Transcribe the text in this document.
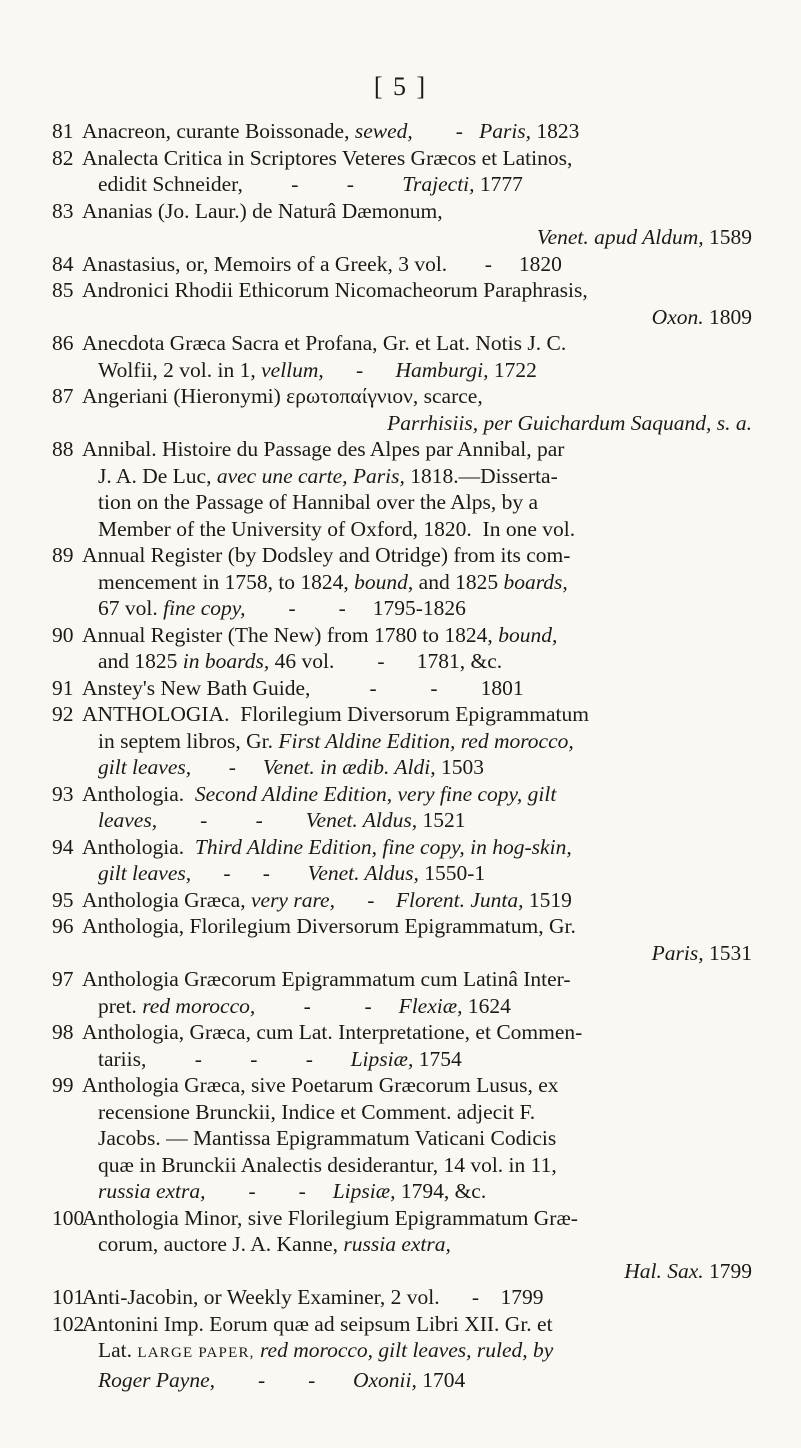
[ 5 ]
81 Anacreon, curante Boissonade, sewed,        -   Paris, 1823
82 Analecta Critica in Scriptores Veteres Græcos et Latinos,
edidit Schneider,         -         -         Trajecti, 1777
83 Ananias (Jo. Laur.) de Naturâ Dæmonum,
Venet. apud Aldum, 1589
84 Anastasius, or, Memoirs of a Greek, 3 vol.       -     1820
85 Andronici Rhodii Ethicorum Nicomacheorum Paraphrasis,
Oxon. 1809
86 Anecdota Græca Sacra et Profana, Gr. et Lat. Notis J. C.
Wolfii, 2 vol. in 1, vellum,      -      Hamburgi, 1722
87 Angeriani (Hieronymi) ερωτοπαίγνιον, scarce,
Parrhisiis, per Guichardum Saquand, s. a.
88 Annibal. Histoire du Passage des Alpes par Annibal, par
J. A. De Luc, avec une carte, Paris, 1818.—Disserta-
tion on the Passage of Hannibal over the Alps, by a
Member of the University of Oxford, 1820.  In one vol.
89 Annual Register (by Dodsley and Otridge) from its com-
mencement in 1758, to 1824, bound, and 1825 boards,
67 vol. fine copy,        -        -     1795-1826
90 Annual Register (The New) from 1780 to 1824, bound,
and 1825 in boards, 46 vol.        -      1781, &c.
91 Anstey's New Bath Guide,           -          -        1801
92 ANTHOLOGIA.  Florilegium Diversorum Epigrammatum
in septem libros, Gr. First Aldine Edition, red morocco,
gilt leaves,       -     Venet. in ædib. Aldi, 1503
93 Anthologia.  Second Aldine Edition, very fine copy, gilt
leaves,        -         -        Venet. Aldus, 1521
94 Anthologia.  Third Aldine Edition, fine copy, in hog-skin,
gilt leaves,      -      -       Venet. Aldus, 1550-1
95 Anthologia Græca, very rare,      -    Florent. Junta, 1519
96 Anthologia, Florilegium Diversorum Epigrammatum, Gr.
Paris, 1531
97 Anthologia Græcorum Epigrammatum cum Latinâ Inter-
pret. red morocco,         -          -     Flexiæ, 1624
98 Anthologia, Græca, cum Lat. Interpretatione, et Commen-
tariis,         -         -         -       Lipsiæ, 1754
99 Anthologia Græca, sive Poetarum Græcorum Lusus, ex
recensione Brunckii, Indice et Comment. adjecit F.
Jacobs. — Mantissa Epigrammatum Vaticani Codicis
quæ in Brunckii Analectis desiderantur, 14 vol. in 11,
russia extra,        -        -     Lipsiæ, 1794, &c.
100
Anthologia Minor, sive Florilegium Epigrammatum Græ-
corum, auctore J. A. Kanne, russia extra,
Hal. Sax. 1799
101
Anti-Jacobin, or Weekly Examiner, 2 vol.      -    1799
102
Antonini Imp. Eorum quæ ad seipsum Libri XII. Gr. et
Lat. LARGE PAPER, red morocco, gilt leaves, ruled, by
Roger Payne,        -        -       Oxonii, 1704
